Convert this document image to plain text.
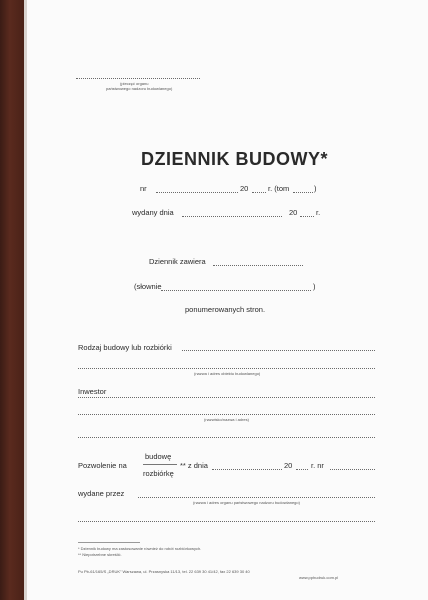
(pieczęć organu
państwowego nadzoru budowlanego)
DZIENNIK BUDOWY*
nr	20	r. (tom	)
wydany dnia	20 r.
Dziennik zawiera
(słownie	)
ponumerowanych stron.
Rodzaj budowy lub rozbiórki
(nazwa i adres obiektu budowlanego)
Inwestor
(nazwisko/nazwa i adres)
budowę
Pozwolenie na
rozbiórkę
** z dnia	20 r. nr
wydane przez
(nazwa i adres organu państwowego nadzoru budowlanego)
* Dziennik budowy ma zastosowanie również do robót rozbiórkowych.
** Niepotrzebne skreślić.
Pu Pb-61/165/S „DRUK" Warszawa, ul. Przasnyska 11/13, tel. 22 639 30 41/42, fax 22 639 30 40
www.pphudruk.com.pl
